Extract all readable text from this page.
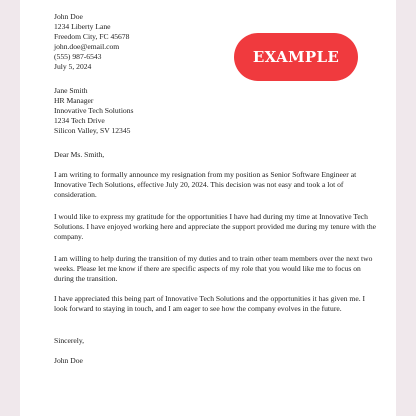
John Doe
1234 Liberty Lane
Freedom City, FC 45678
john.doe@email.com
(555) 987-6543
July 5, 2024
EXAMPLE
Jane Smith
HR Manager
Innovative Tech Solutions
1234 Tech Drive
Silicon Valley, SV 12345
Dear Ms. Smith,
I am writing to formally announce my resignation from my position as Senior Software Engineer at Innovative Tech Solutions, effective July 20, 2024. This decision was not easy and took a lot of consideration.
I would like to express my gratitude for the opportunities I have had during my time at Innovative Tech Solutions. I have enjoyed working here and appreciate the support provided me during my tenure with the company.
I am willing to help during the transition of my duties and to train other team members over the next two weeks. Please let me know if there are specific aspects of my role that you would like me to focus on during the transition.
I have appreciated this being part of Innovative Tech Solutions and the opportunities it has given me. I look forward to staying in touch, and I am eager to see how the company evolves in the future.
Sincerely,
John Doe
